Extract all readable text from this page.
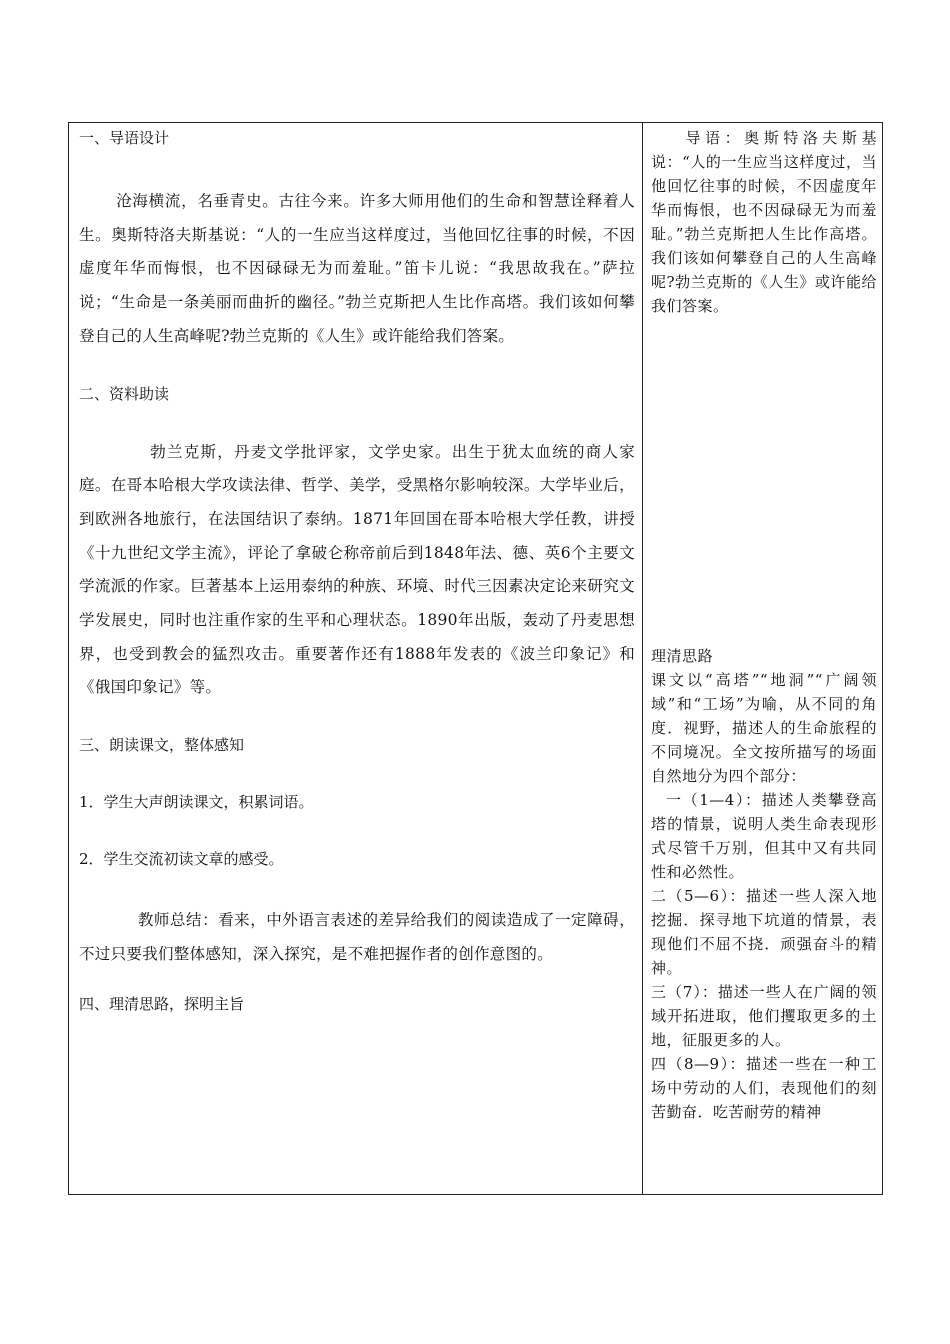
一、导语设计

沧海横流，名垂青史。古往今来。许多大师用他们的生命和智慧诠释着人生。奥斯特洛夫斯基说：“人的一生应当这样度过，当他回忆往事的时候，不因虚度年华而悔恨，也不因碌碌无为而羞耻。”笛卡儿说：“我思故我在。”萨拉说；“生命是一条美丽而曲折的幽径。”勃兰克斯把人生比作高塔。我们该如何攀登自己的人生高峰呢?勃兰克斯的《人生》或许能给我们答案。

二、资料助读

勃兰克斯，丹麦文学批评家，文学史家。出生于犹太血统的商人家庭。在哥本哈根大学攻读法律、哲学、美学，受黑格尔影响较深。大学毕业后，到欧洲各地旅行，在法国结识了泰纳。1871年回国在哥本哈根大学任教，讲授《十九世纪文学主流》，评论了拿破仑称帝前后到1848年法、德、英6个主要文学流派的作家。巨著基本上运用泰纳的种族、环境、时代三因素决定论来研究文学发展史，同时也注重作家的生平和心理状态。1890年出版，轰动了丹麦思想界，也受到教会的猛烈攻击。重要著作还有1888年发表的《波兰印象记》和《俄国印象记》等。

三、朗读课文，整体感知

1．学生大声朗读课文，积累词语。

2．学生交流初读文章的感受。

教师总结：看来，中外语言表述的差异给我们的阅读造成了一定障碍，不过只要我们整体感知，深入探究，是不难把握作者的创作意图的。

四、理清思路，探明主旨

导语：奥斯特洛夫斯基说：“人的一生应当这样度过，当他回忆往事的时候，不因虚度年华而悔恨，也不因碌碌无为而羞耻。”勃兰克斯把人生比作高塔。我们该如何攀登自己的人生高峰呢?勃兰克斯的《人生》或许能给我们答案。

理清思路

课文以“高塔”“地洞”“广阔领域”和“工场”为喻，从不同的角度．视野，描述人的生命旅程的不同境况。全文按所描写的场面自然地分为四个部分：

一（1—4）：描述人类攀登高塔的情景，说明人类生命表现形式尽管千万别，但其中又有共同性和必然性。

二（5—6）：描述一些人深入地挖掘．探寻地下坑道的情景，表现他们不屈不挠．顽强奋斗的精神。

三（7）：描述一些人在广阔的领域开拓进取，他们攫取更多的土地，征服更多的人。

四（8—9）：描述一些在一种工场中劳动的人们，表现他们的刻苦勤奋．吃苦耐劳的精神
